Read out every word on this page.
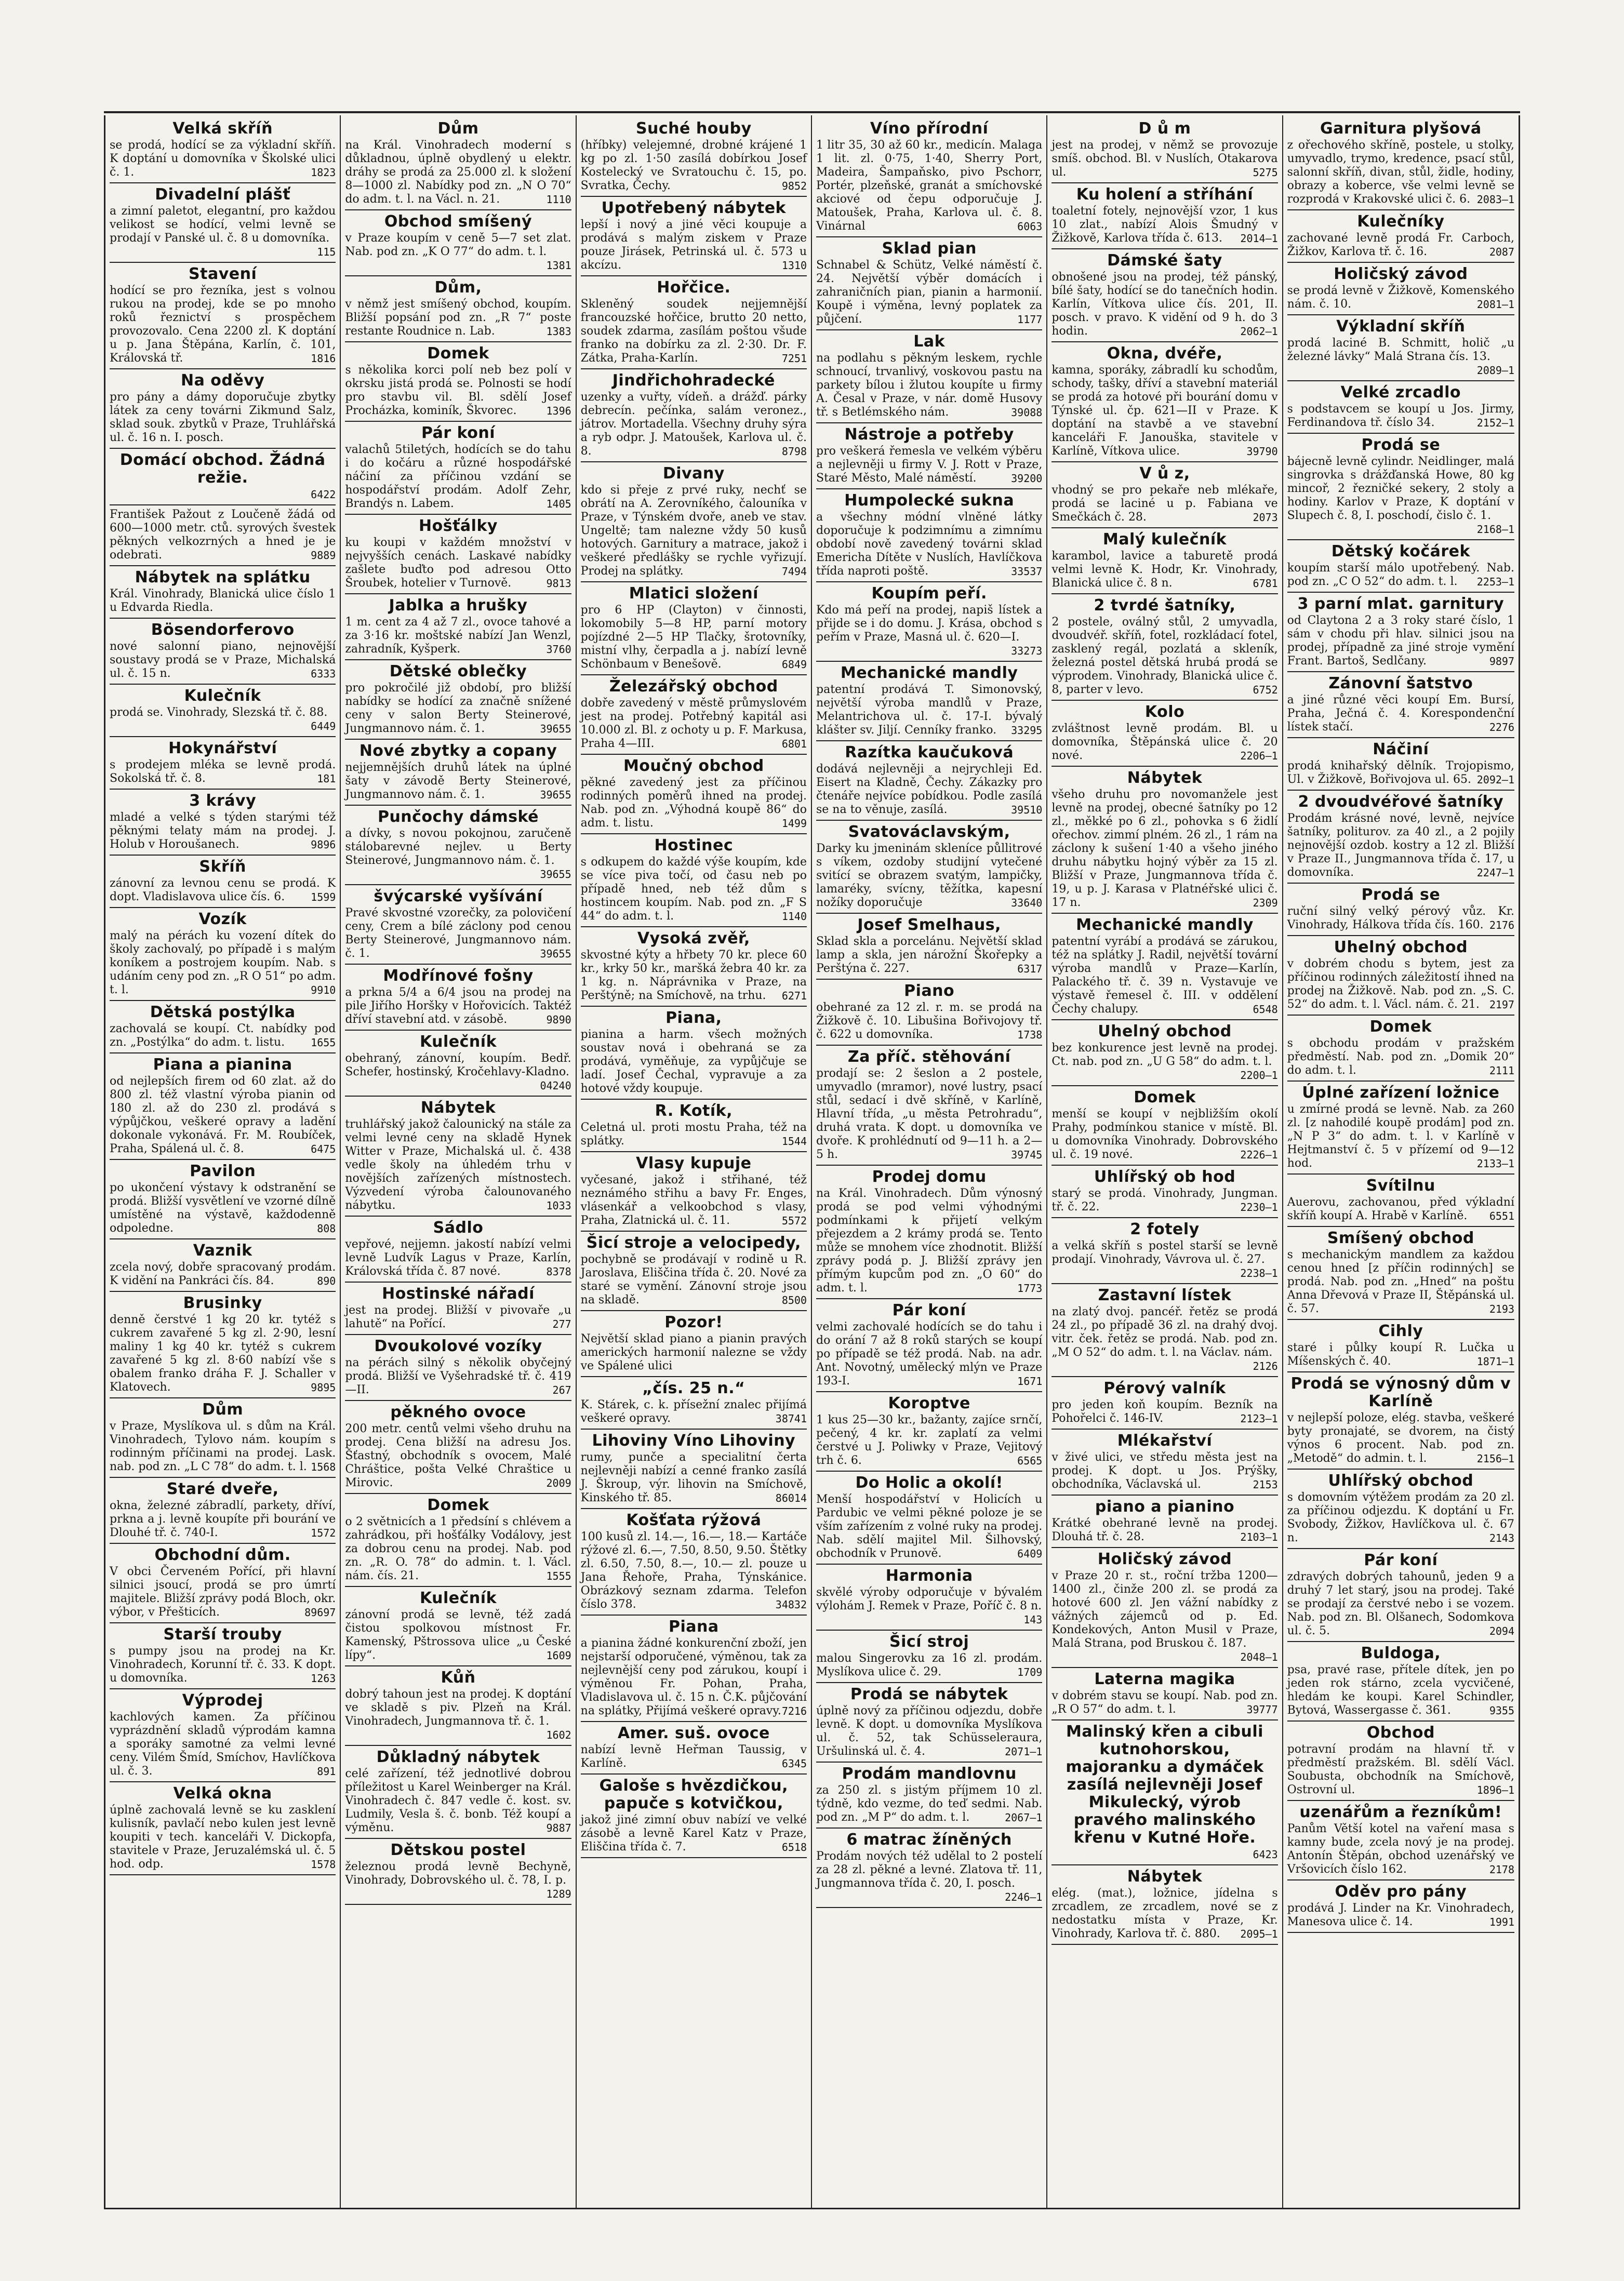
Velká skříň

se prodá, hodící se za výkladní skříň. K doptání u domovníka v Školské ulici č. 1.	1823

Divadelní plášť

a zimní paletot, elegantní, pro každou velikost se hodící, velmi levně se prodají v Panské ul. č. 8 u domovníka.
115

Stavení

hodící se pro řezníka, jest s volnou rukou na prodej, kde se po mnoho roků řeznictví s prospěchem provozovalo. Cena 2200 zl. K doptání u p. Jana Štěpána, Karlín, č. 101, Královská tř.	1816

Na oděvy

pro pány a dámy doporučuje zbytky látek za ceny továrni Zikmund Salz, sklad souk. zbytků v Praze, Truhlářská ul. č. 16 n. I. posch.

Domácí obchod. Žádná režie.

6422

František Pažout z Loučeně žádá od 600—1000 metr. ctů. syrových švestek pěkných velkozrných a hned je je odebrati.	9889

Nábytek na splátku

Král. Vinohrady, Blanická ulice číslo 1 u Edvarda Riedla.

Bösendorferovo

nové salonní piano, nejnovější soustavy prodá se v Praze, Michalská ul. č. 15 n.	6333

Kulečník

prodá se. Vinohrady, Slezská tř. č. 88.
6449

Hokynářství

s prodejem mléka se levně prodá. Sokolská tř. č. 8.	181

3 krávy

mladé a velké s týden starými též pěknými telaty mám na prodej. J. Holub v Horoušanech.	9896

Skříň

zánovní za levnou cenu se prodá. K dopt. Vladislavova ulice čís. 6. 1599

Vozík

malý na pérách ku vození dítek do školy zachovalý, po případě i s malým koníkem a postrojem koupím. Nab. s udáním ceny pod zn. „R O 51“ po adm. t. l.	9910

Dětská postýlka

zachovalá se koupí. Ct. nabídky pod zn. „Postýlka“ do adm. t. listu.	1655

Piana a pianina

od nejlepších firem od 60 zlat. až do 800 zl. též vlastní výroba pianin od 180 zl. až do 230 zl. prodává s výpůjčkou, veškeré opravy a ladění dokonale vykonává. Fr. M. Roubíček, Praha, Spálená ul. č. 8.	6475

Pavilon

po ukončení výstavy k odstranění se prodá. Bližší vysvětlení ve vzorné dílně umístěné na výstavě, každodenně odpoledne.	808

Vaznik

zcela nový, dobře spracovaný prodám. K vidění na Pankráci čís. 84.	890

Brusinky

denně čerstvé 1 kg 20 kr. tytéž s cukrem zavařené 5 kg zl. 2·90, lesní maliny 1 kg 40 kr. tytéž s cukrem zavařené 5 kg zl. 8·60 nabízí vše s obalem franko dráha F. J. Schaller v Klatovech.	9895

Dům

v Praze, Myslíkova ul. s dům na Král. Vinohradech, Tylovo nám. koupím s rodinným příčinami na prodej. Lask. nab. pod zn. „L C 78“ do adm. t. l. 1568

Staré dveře,

okna, železné zábradlí, parkety, dříví, prkna a j. levně koupíte při bourání ve Dlouhé tř. č. 740-I.	1572

Obchodní dům.

V obci Červeném Pořící, při hlavní silnici jsoucí, prodá se pro úmrtí majitele. Bližší zprávy podá Bloch, okr. výbor, v Přešticích.	89697

Starší trouby

s pumpy jsou na prodej na Kr. Vinohradech, Korunní tř. č. 33. K dopt. u domovníka.	1263

Výprodej

kachlových kamen. Za příčinou vyprázdnění skladů výprodám kamna a sporáky samotné za velmi levné ceny. Vilém Šmíd, Smíchov, Havlíčkova ul. č. 3.	891

Velká okna

úplně zachovalá levně se ku zasklení kulisník, pavlačí nebo kulen jest levně koupiti v tech. kanceláři V. Dickopfa, stavitele v Praze, Jeruzalémská ul. č. 5 hod. odp.	1578

Dům

na Král. Vinohradech moderní s důkladnou, úplně obydlený u elektr. dráhy se prodá za 25.000 zl. k složení 8—1000 zl. Nabídky pod zn. „N O 70“ do adm. t. l. na Václ. n. 21.	1110

Obchod smíšený

v Praze koupím v ceně 5—7 set zlat. Nab. pod zn. „K O 77“ do adm. t. l.
1381

Dům,

v němž jest smíšený obchod, koupím. Bližší popsání pod zn. „R 7“ poste restante Roudnice n. Lab.	1383

Domek

s několika korci polí neb bez polí v okrsku jistá prodá se. Polnosti se hodí pro stavbu vil. Bl. sdělí Josef Procházka, kominík, Škvorec.	1396

Pár koní

valachů 5tiletých, hodících se do tahu i do kočáru a různé hospodářské náčiní za příčinou vzdání se hospodářství prodám. Adolf Zehr, Brandýs n. Labem.	1405

Hošťálky

ku koupi v každém množství v nejvyšších cenách. Laskavé nabídky zašlete buďto pod adresou Otto Šroubek, hotelier v Turnově.	9813

Jablka a hrušky

1 m. cent za 4 až 7 zl., ovoce tahové a za 3·16 kr. moštské nabízí Jan Wenzl, zahradník, Kyšperk.	3760

Dětské oblečky

pro pokročilé již období, pro bližší nabídky se hodící za značně snížené ceny v salon Berty Steinerové, Jungmannovo nám. č. 1.	39655

Nové zbytky a copany

nejjemnějších druhů látek na úplné šaty v závodě Berty Steinerové, Jungmannovo nám. č. 1.	39655

Punčochy dámské

a dívky, s novou pokojnou, zaručeně stálobarevné nejlev. u Berty Steinerové, Jungmannovo nám. č. 1.
39655

švýcarské vyšívání

Pravé skvostné vzorečky, za polovičení ceny, Crem a bílé záclony pod cenou Berty Steinerové, Jungmannovo nám. č. 1.	39655

Modřínové fošny

a prkna 5/4 a 6/4 jsou na prodej na pile Jiřího Horšky v Hořovicích. Taktéž dříví stavební atd. v zásobě.	9890

Kulečník

obehraný, zánovní, koupím. Bedř. Schefer, hostinský, Kročehlavy-Kladno.
04240

Nábytek

truhlářský jakož čalounický na stále za velmi levné ceny na skladě Hynek Witter v Praze, Michalská ul. č. 438 vedle školy na úhledém trhu v novějších zařízených místnostech. Výzvedení výroba čalounovaného nábytku.	1033

Sádlo

vepřové, nejjemn. jakostí nabízí velmi levně Ludvík Lagus v Praze, Karlín, Královská třída č. 87 nové.	8378

Hostinské nářadí

jest na prodej. Bližší v pivovaře „u lahutě“ na Pořící.	277

Dvoukolové vozíky

na pérách silný s několik obyčejný prodá. Bližší ve Vyšehradské tř. č. 419—II.	267

pěkného ovoce

200 metr. centů velmi všeho druhu na prodej. Cena bližší na adresu Jos. Šťastný, obchodník s ovocem, Malé Chráštice, pošta Velké Chraštice u Mirovic.	2009

Domek

o 2 světnicích a 1 předsíní s chlévem a zahrádkou, při hošťálky Vodálovy, jest za dobrou cenu na prodej. Nab. pod zn. „R. O. 78“ do admin. t. l. Václ. nám. čís. 21.	1555

Kulečník

zánovní prodá se levně, též zadá čistou spolkovou místnost Fr. Kamenský, Pštrossova ulice „u České lípy“.	1609

Kůň

dobrý tahoun jest na prodej. K doptání ve skladě s piv. Plzeň na Král. Vinohradech, Jungmannova tř. č. 1.
1602

Důkladný nábytek

celé zařízení, též jednotlivé dobrou příležitost u Karel Weinberger na Král. Vinohradech č. 847 vedle č. kost. sv. Ludmily, Vesla š. č. bonb. Též koupí a výměnu.	9887

Dětskou postel

železnou prodá levně Bechyně, Vinohrady, Dobrovského ul. č. 78, I. p.
1289

Suché houby

(hříbky) velejemné, drobné krájené 1 kg po zl. 1·50 zasílá dobírkou Josef Kostelecký ve Svratouchu č. 15, po. Svratka, Čechy.	9852

Upotřebený nábytek

lepší i nový a jiné věci koupuje a prodává s malým ziskem v Praze pouze Jirásek, Petrinská ul. č. 573 u akcízu.	1310

Hořčice.

Skleněný soudek nejjemnější francouzské hořčice, brutto 20 netto, soudek zdarma, zasílám poštou všude franko na dobírku za zl. 2·30. Dr. F. Zátka, Praha-Karlín.	7251

Jindřichohradecké

uzenky a vuřty, vídeň. a drážď. párky debrecín. pečínka, salám veronez., játrov. Mortadella. Všechny druhy sýra a ryb odpr. J. Matoušek, Karlova ul. č. 8.	8798

Divany

kdo si přeje z prvé ruky, nechť se obrátí na A. Zerovníkého, čalouníka v Praze, v Týnském dvoře, aneb ve stav. Ungeltě; tam nalezne vždy 50 kusů hotových. Garnitury a matrace, jakož i veškeré předlášky se rychle vyřizují. Prodej na splátky.	7494

Mlatici složení

pro 6 HP (Clayton) v činnosti, lokomobily 5—8 HP, parní motory pojízdné 2—5 HP Tlačky, šrotovníky, mistní vlhy, čerpadla a j. nabízí levně Schönbaum v Benešově.	6849

Železářský obchod

dobře zavedený v městě průmyslovém jest na prodej. Potřebný kapitál asi 10.000 zl. Bl. z ochoty u p. F. Markusa, Praha 4—III.	6801

Moučný obchod

pěkné zavedený jest za příčinou rodinných poměrů ihned na prodej. Nab. pod zn. „Výhodná koupě 86“ do adm. t. listu.	1499

Hostinec

s odkupem do každé výše koupím, kde se více piva točí, od času neb po případě hned, neb též dům s hostincem koupím. Nab. pod zn. „F S 44“ do adm. t. l.	1140

Vysoká zvěř,

skvostné kýty a hřbety 70 kr. plece 60 kr., krky 50 kr., maršká žebra 40 kr. za 1 kg. n. Náprávnika v Praze, na Perštýně; na Smíchově, na trhu. 6271

Piana,

pianina a harm. všech možných soustav nová i obehraná se za prodává, vyměňuje, za vypůjčuje se ladí. Josef Čechal, vypravuje a za hotové vždy koupuje.

R. Kotík,

Celetná ul. proti mostu Praha, též na splátky.	1544

Vlasy kupuje

vyčesané, jakož i střihané, též neznámého střihu a bavy Fr. Enges, vlásenkář a velkoobchod s vlasy, Praha, Zlatnická ul. č. 11.	5572

Šicí stroje a velocipedy,

pochybně se prodávají v rodině u R. Jaroslava, Eliščina třída č. 20. Nové za staré se vymění. Zánovní stroje jsou na skladě.	8500

Pozor!

Největší sklad piano a pianin pravých amerických harmonií nalezne se vždy ve Spálené ulici

„čís. 25 n.“

K. Stárek, c. k. přísežní znalec přijímá veškeré opravy.	38741

Lihoviny Víno Lihoviny

rumy, punče a specialitní čerta nejlevněji nabízí a cenné franko zasílá J. Škroup, výr. lihovin na Smíchově, Kinského tř. 85.	86014

Košťata rýžová

100 kusů zl. 14.—, 16.—, 18.— Kartáče rýžové zl. 6.—, 7.50, 8.50, 9.50. Štětky zl. 6.50, 7.50, 8.—, 10.— zl. pouze u Jana Řehoře, Praha, Týnskánice. Obrázkový seznam zdarma. Telefon číslo 378.	34832

Piana

a pianina žádné konkurenční zboží, jen nejstarší odporučené, výměnou, tak za nejlevnější ceny pod zárukou, koupí i výměnou Fr. Pohan, Praha, Vladislavova ul. č. 15 n. Č.K. půjčování na splátky, Přijímá veškeré opravy. 7216

Amer. suš. ovoce

nabízí levně Heřman Taussig, v Karlíně.	6345

Galoše s hvězdičkou, papuče s kotvičkou,

jakož jiné zimní obuv nabízí ve velké zásobě a levně Karel Katz v Praze, Eliščina třída č. 7.	6518

Víno přírodní

1 litr 35, 30 až 60 kr., medicín. Malaga 1 lit. zl. 0·75, 1·40, Sherry Port, Madeira, Šampaňsko, pivo Pschorr, Portér, plzeňské, granát a smíchovské akciové od čepu odporučuje J. Matoušek, Praha, Karlova ul. č. 8. Vinárnal	6063

Sklad pian

Schnabel & Schütz, Velké náměstí č. 24. Největší výběr domácích i zahraničních pian, pianin a harmonií. Koupě i výměna, levný poplatek za půjčení.	1177

Lak

na podlahu s pěkným leskem, rychle schnoucí, trvanlivý, voskovou pastu na parkety bílou i žlutou koupíte u firmy A. Česal v Praze, v nár. domě Husovy tř. s Betlémského nám.	39088

Nástroje a potřeby

pro veškerá řemesla ve velkém výběru a nejlevněji u firmy V. J. Rott v Praze, Staré Město, Malé náměstí.	39200

Humpolecké sukna

a všechny módní vlněné látky doporučuje k podzimnímu a zimnímu období nově zavedený továrni sklad Emericha Dítěte v Nuslích, Havlíčkova třída naproti poště.	33537

Koupím peří.

Kdo má peří na prodej, napiš lístek a přijde se i do domu. J. Krása, obchod s peřím v Praze, Masná ul. č. 620—I.
33273

Mechanické mandly

patentní prodává T. Simonovský, největší výroba mandlů v Praze, Melantrichova ul. č. 17-I. bývalý klášter sv. Jiljí. Cenníky franko. 33295

Razítka kaučuková

dodává nejlevněji a nejrychleji Ed. Eisert na Kladně, Čechy. Zákazky pro čtenáře nejvíce pobídkou. Podle zasílá se na to věnuje, zasílá.	39510

Svatováclavským,

Darky ku jmeninám skleníce půllitrové s víkem, ozdoby studijní vytečené svitící se obrazem svatým, lampičky, lamaréky, svícny, těžítka, kapesní nožíky doporučuje	33640

Josef Smelhaus,

Sklad skla a porcelánu. Největší sklad lamp a skla, jen nárožní Škořepky a Perštýna č. 227.	6317

Piano

obehrané za 12 zl. r. m. se prodá na Žižkově č. 10. Libušina Bořivojovy tř. č. 622 u domovníka.	1738

Za příč. stěhování

prodají se: 2 šeslon a 2 postele, umyvadlo (mramor), nové lustry, psací stůl, sedací i dvě skříně, v Karlíně, Hlavní třída, „u města Petrohradu“, druhá vrata. K dopt. u domovníka ve dvoře. K prohlédnutí od 9—11 h. a 2—5 h.	39745

Prodej domu

na Král. Vinohradech. Dům výnosný prodá se pod velmi výhodnými podmínkami k přijetí velkým přejezdem a 2 krámy prodá se. Tento může se mnohem více zhodnotit. Bližší zprávy podá p. J. Bližší zprávy jen přímým kupcům pod zn. „O 60“ do adm. t. l.	1773

Pár koní

velmi zachovalé hodících se do tahu i do orání 7 až 8 roků starých se koupí po případě se též prodá. Nab. na adr. Ant. Novotný, umělecký mlýn ve Praze 193-I.	1671

Koroptve

1 kus 25—30 kr., bažanty, zajíce srnčí, pečený, 4 kr. kr. zaplatí za velmi čerstvé u J. Poliwky v Praze, Vejitový trh č. 6.	6565

Do Holic a okolí!

Menší hospodářství v Holicích u Pardubic ve velmi pěkné poloze je se vším zařízením z volné ruky na prodej. Nab. sdělí majitel Mil. Šilhovský, obchodník v Prunově.	6409

Harmonia

skvělé výroby odporučuje v bývalém výlohám J. Remek v Praze, Poříč č. 8 n.
143

Šicí stroj

malou Singerovku za 16 zl. prodám. Myslíkova ulice č. 29.	1709

Prodá se nábytek

úplně nový za příčinou odjezdu, dobře levně. K dopt. u domovníka Myslíkova ul. č. 52, tak Schüsseleraura, Uršulinská ul. č. 4.	2071—1

Prodám mandlovnu

za 250 zl. s jistým příjmem 10 zl. týdně, kdo vezme, do teď sedmi. Nab. pod zn. „M P“ do adm. t. l.	2067—1

6 matrac žíněných

Prodám nových též udělal to 2 postelí za 28 zl. pěkné a levné. Zlatova tř. 11, Jungmannova třída č. 20, I. posch.
2246—1

D ů m

jest na prodej, v němž se provozuje smíš. obchod. Bl. v Nuslích, Otakarova ul.	5275

Ku holení a stříhání

toaletní fotely, nejnovější vzor, 1 kus 10 zlat., nabízí Alois Šmudný v Žižkově, Karlova třída č. 613. 2014—1

Dámské šaty

obnošené jsou na prodej, též pánský, bílé šaty, hodící se do tanečních hodin. Karlín, Vítkova ulice čís. 201, II. posch. v pravo. K vidění od 9 h. do 3 hodin.	2062—1

Okna, dvéře,

kamna, sporáky, zábradlí ku schodům, schody, tašky, dříví a stavební materiál se prodá za hotové při bourání domu v Týnské ul. čp. 621—II v Praze. K doptání na stavbě a ve stavební kanceláři F. Janouška, stavitele v Karlíně, Vítkova ulice.	39790

V ů z,

vhodný se pro pekaře neb mlékaře, prodá se laciné u p. Fabiana ve Smečkách č. 28.	2073

Malý kulečník

karambol, lavice a taburetě prodá velmi levně K. Hodr, Kr. Vinohrady, Blanická ulice č. 8 n.	6781

2 tvrdé šatníky,

2 postele, oválný stůl, 2 umyvadla, dvoudvéř. skříň, fotel, rozkládací fotel, zasklený regál, pozlatá a skleník, železná postel dětská hrubá prodá se výprodem. Vinohrady, Blanická ulice č. 8, parter v levo.	6752

Kolo

zvláštnost levně prodám. Bl. u domovníka, Štěpánská ulice č. 20 nové.	2206—1

Nábytek

všeho druhu pro novomanžele jest levně na prodej, obecné šatníky po 12 zl., měkké po 6 zl., pohovka s 6 židlí ořechov. zimmí plném. 26 zl., 1 rám na záclony k sušení 1·40 a všeho jiného druhu nábytku hojný výběr za 15 zl. Bližší v Praze, Jungmannova třída č. 19, u p. J. Karasa v Platnéřské ulici č. 17 n.	2309

Mechanické mandly

patentní vyrábí a prodává se zárukou, též na splátky J. Radil, největší tovární výroba mandlů v Praze—Karlín, Palackého tř. č. 39 n. Vystavuje ve výstavě řemesel č. III. v oddělení Čechy chalupy.	6548

Uhelný obchod

bez konkurence jest levně na prodej. Ct. nab. pod zn. „U G 58“ do adm. t. l.
2200—1

Domek

menší se koupí v nejbližším okolí Prahy, podmínkou stanice v místě. Bl. u domovníka Vinohrady. Dobrovského ul. č. 19 nové.	2226—1

Uhlířský ob hod

starý se prodá. Vinohrady, Jungman. tř. č. 22.	2230—1

2 fotely

a velká skříň s postel starší se levně prodají. Vinohrady, Vávrova ul. č. 27.
2238—1

Zastavní lístek

na zlatý dvoj. pancéř. řetěz se prodá 24 zl., po případě 36 zl. na drahý dvoj. vitr. ček. řetěz se prodá. Nab. pod zn. „M O 52“ do adm. t. l. na Václav. nám.
2126

Pérový valník

pro jeden koň koupím. Bezník na Pohořelci č. 146-IV.	2123—1

Mlékařství

v živé ulici, ve středu města jest na prodej. K dopt. u Jos. Prýšky, obchodníka, Václavská ul.	2153

piano a pianino

Krátké obehrané levně na prodej. Dlouhá tř. č. 28.	2103—1

Holičský závod

v Praze 20 r. st., roční tržba 1200—1400 zl., činže 200 zl. se prodá za hotové 600 zl. Jen vážní nabídky z vážných zájemců od p. Ed. Kondekových, Anton Musil v Praze, Malá Strana, pod Bruskou č. 187.
2048—1

Laterna magika

v dobrém stavu se koupí. Nab. pod zn. „R O 57“ do adm. t. l.	39777

Malinský křen a cibuli kutnohorskou, majoranku a dymáček zasílá nejlevněji Josef Mikulecký, výrob pravého malinského křenu v Kutné Hoře.

6423

Nábytek

elég. (mat.), ložnice, jídelna s zrcadlem, ze zrcadlem, nové se z nedostatku místa v Praze, Kr. Vinohrady, Karlova tř. č. 880. 2095—1

Garnitura plyšová

z ořechového skříně, postele, u stolky, umyvadlo, trymo, kredence, psací stůl, salonní skříň, divan, stůl, židle, hodiny, obrazy a koberce, vše velmi levně se rozprodá v Krakovské ulici č. 6. 2083—1

Kulečníky

zachované levně prodá Fr. Carboch, Žižkov, Karlova tř. č. 16.	2087

Holičský závod

se prodá levně v Žižkově, Komenského nám. č. 10.	2081—1

Výkladní skříň

prodá laciné B. Schmitt, holič „u železné lávky“ Malá Strana čís. 13.
2089—1

Velké zrcadlo

s podstavcem se koupí u Jos. Jirmy, Ferdinandova tř. číslo 34.	2152—1

Prodá se

bájecně levně cylindr. Neidlinger, malá singrovka s drážďanská Howe, 80 kg mincoř, 2 řezničké sekery, 2 stoly a hodiny. Karlov v Praze, K doptání v Slupech č. 8, I. poschodí, čislo č. 1.
2168—1

Dětský kočárek

koupím starší málo upotřebený. Nab. pod zn. „C O 52“ do adm. t. l. 2253—1

3 parní mlat. garnitury

od Claytona 2 a 3 roky staré číslo, 1 sám v chodu při hlav. silnici jsou na prodej, případně za jiné stroje vymění Frant. Bartoš, Sedlčany.	9897

Zánovní šatstvo

a jiné různé věci koupí Em. Bursí, Praha, Ječná č. 4. Korespondenční lístek stačí.	2276

Náčiní

prodá knihařský dělník. Trojopismo, Ul. v Žižkově, Bořivojova ul. 65. 2092—1

2 dvoudvéřové šatníky

Prodám krásné nové, levně, nejvíce šatníky, politurov. za 40 zl., a 2 pojily nejnovější ozdob. kostry a 12 zl. Bližší v Praze II., Jungmannova třída č. 17, u domovníka.	2247—1

Prodá se

ruční silný velký pérový vůz. Kr. Vinohrady, Hálkova třída čís. 160. 2176

Uhelný obchod

v dobrém chodu s bytem, jest za příčinou rodinných záležitostí ihned na prodej na Žižkově. Nab. pod zn. „S. C. 52“ do adm. t. l. Václ. nám. č. 21. 2197

Domek

s obchodu prodám v pražském předměstí. Nab. pod zn. „Domik 20“ do adm. t. l.	2111

Úplné zařízení ložnice

u zmírné prodá se levně. Nab. za 260 zl. [z nahodilé koupě prodám] pod zn. „N P 3“ do adm. t. l. v Karlíně v Hejtmanství č. 5 v přízemí od 9—12 hod.	2133—1

Svítilnu

Auerovu, zachovanou, před výkladní skříň koupí A. Hrabě v Karlíně. 6551

Smíšený obchod

s mechanickým mandlem za každou cenou hned [z příčin rodinných] se prodá. Nab. pod zn. „Hned“ na poštu Anna Dřevová v Praze II, Štěpánská ul. č. 57.	2193

Cihly

staré i půlky koupí R. Lučka u Míšenských č. 40.	1871—1

Prodá se výnosný dům v Karlíně

v nejlepší poloze, elég. stavba, veškeré byty pronajaté, se dvorem, na čistý výnos 6 procent. Nab. pod zn. „Metodě“ do admin. t. l.	2156—1

Uhlířský obchod

s domovním výtěžem prodám za 20 zl. za příčinou odjezdu. K doptání u Fr. Svobody, Žižkov, Havlíčkova ul. č. 67 n.	2143

Pár koní

zdravých dobrých tahounů, jeden 9 a druhý 7 let starý, jsou na prodej. Také se prodají za čerstvé nebo i se vozem. Nab. pod zn. Bl. Olšanech, Sodomkova ul. č. 5.	2094

Buldoga,

psa, pravé rase, přítele dítek, jen po jeden rok stárno, zcela vycvičené, hledám ke koupi. Karel Schindler, Bytová, Wassergasse č. 361.	9355

Obchod

potravní prodám na hlavní tř. v předměstí pražském. Bl. sdělí Václ. Soubusta, obchodník na Smíchově, Ostrovní ul.	1896—1

uzenářům a řezníkům!

Panům Větší kotel na vaření masa s kamny bude, zcela nový je na prodej. Antonín Štěpán, obchod uzenářský ve Vršovicích číslo 162.	2178

Oděv pro pány

prodává J. Linder na Kr. Vinohradech, Manesova ulice č. 14.	1991
